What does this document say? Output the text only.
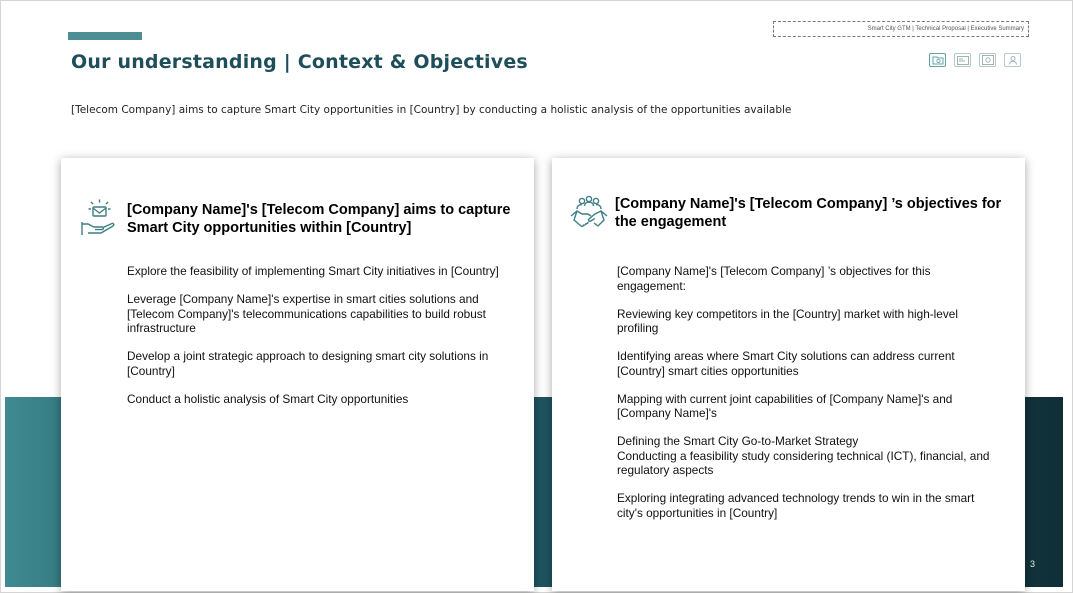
Our understanding | Context & Objectives
Smart City GTM | Technical Proposal | Executive Summary
[Telecom Company] aims to capture Smart City opportunities in [Country] by conducting a holistic analysis of the opportunities available
[Company Name]'s [Telecom Company] aims to capture Smart City opportunities within [Country]
Explore the feasibility of implementing Smart City initiatives in [Country]
Leverage [Company Name]'s expertise in smart cities solutions and [Telecom Company]'s telecommunications capabilities to build robust infrastructure
Develop a joint strategic approach to designing smart city solutions in [Country]
Conduct a holistic analysis of Smart City opportunities
[Company Name]'s [Telecom Company] ’s objectives for the engagement
[Company Name]'s [Telecom Company] ’s objectives for this engagement:
Reviewing key competitors in the [Country] market with high-level profiling
Identifying areas where Smart City solutions can address current [Country] smart cities opportunities
Mapping with current joint capabilities of [Company Name]'s and [Company Name]'s
Defining the Smart City Go-to-Market Strategy
Conducting a feasibility study considering technical (ICT), financial, and regulatory aspects
Exploring integrating advanced technology trends to win in the smart city's opportunities in [Country]
3
